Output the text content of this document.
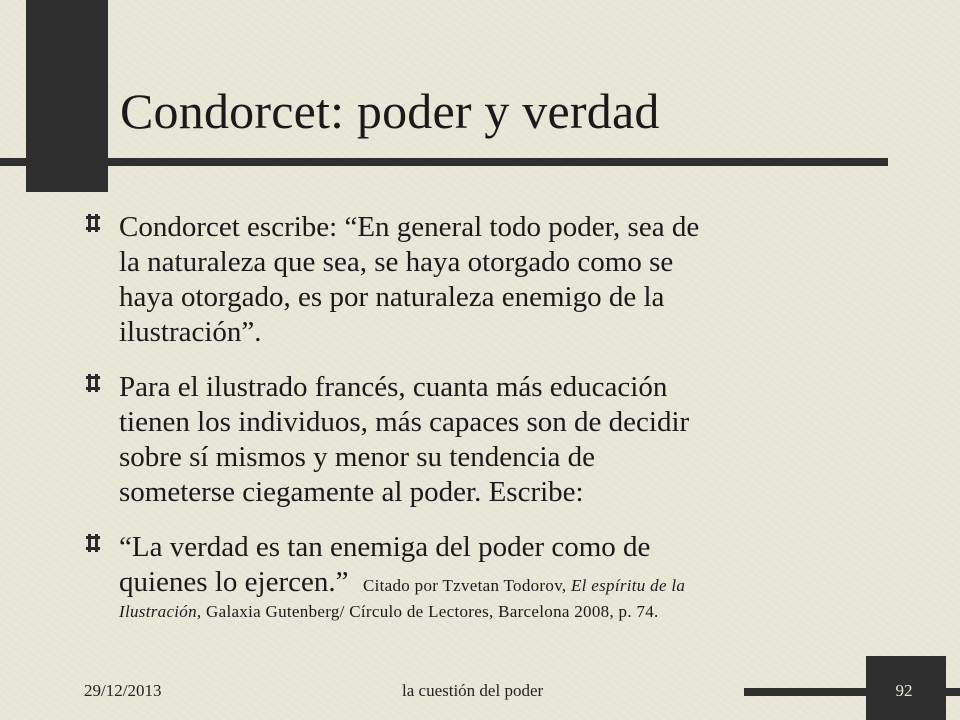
Condorcet: poder y verdad
Condorcet escribe: “En general todo poder, sea de
la naturaleza que sea, se haya otorgado como se
haya otorgado, es por naturaleza enemigo de la
ilustración”.
Para el ilustrado francés, cuanta más educación
tienen los individuos, más capaces son de decidir
sobre sí mismos y menor su tendencia de
someterse ciegamente al poder. Escribe:
“La verdad es tan enemiga del poder como de
quienes lo ejercen.” Citado por Tzvetan Todorov, El espíritu de la
Ilustración, Galaxia Gutenberg/ Círculo de Lectores, Barcelona 2008, p. 74.
29/12/2013	la cuestión del poder	92
